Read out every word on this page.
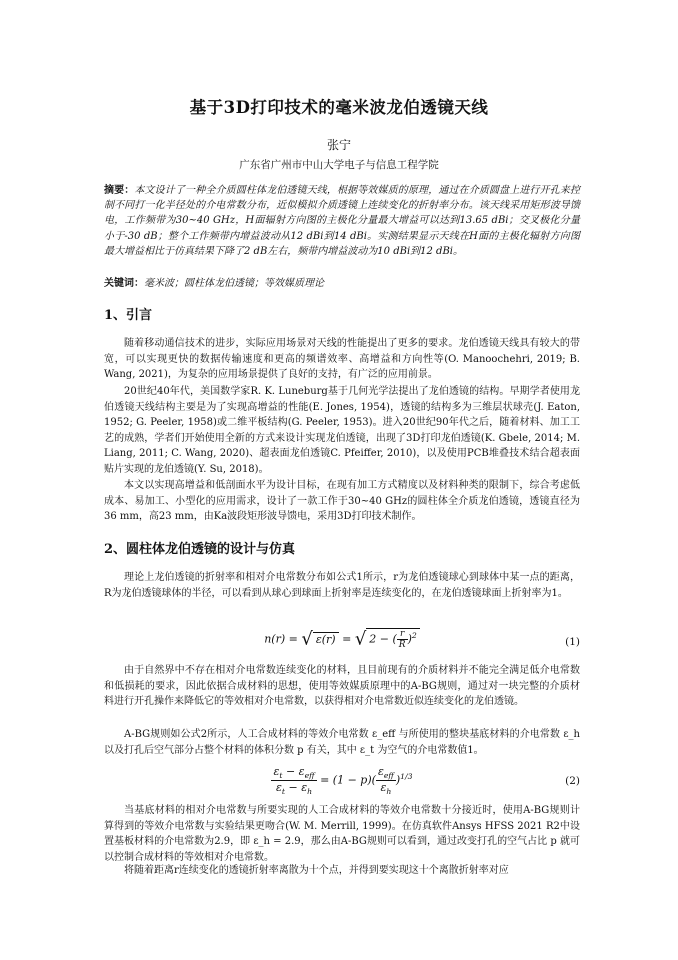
基于3D打印技术的毫米波龙伯透镜天线
张宁
广东省广州市中山大学电子与信息工程学院
摘要：本文设计了一种全介质圆柱体龙伯透镜天线，根据等效媒质的原理，通过在介质圆盘上进行开孔来控制不同打一化半径处的介电常数分布，近似模拟介质透镜上连续变化的折射率分布。该天线采用矩形波导馈电，工作频带为30~40 GHz，H面辐射方向图的主极化分量最大增益可以达到13.65 dBi；交叉极化分量小于-30 dB；整个工作频带内增益波动从12 dBi到14 dBi。实测结果显示天线在H面的主极化辐射方向图最大增益相比于仿真结果下降了2 dB左右，频带内增益波动为10 dBi到12 dBi。
关键词：毫米波；圆柱体龙伯透镜；等效媒质理论
1、引言
随着移动通信技术的进步，实际应用场景对天线的性能提出了更多的要求。龙伯透镜天线具有较大的带宽，可以实现更快的数据传输速度和更高的频谱效率、高增益和方向性等(O. Manoochehri, 2019; B. Wang, 2021)，为复杂的应用场景提供了良好的支持，有广泛的应用前景。
20世纪40年代，美国数学家R. K. Luneburg基于几何光学法提出了龙伯透镜的结构。早期学者使用龙伯透镜天线结构主要是为了实现高增益的性能(E. Jones, 1954)，透镜的结构多为三维层状球壳(J. Eaton, 1952; G. Peeler, 1958)或二维平板结构(G. Peeler, 1953)。进入20世纪90年代之后，随着材料、加工工艺的成熟，学者们开始使用全新的方式来设计实现龙伯透镜，出现了3D打印龙伯透镜(K. Gbele, 2014; M. Liang, 2011; C. Wang, 2020)、超表面龙伯透镜C. Pfeiffer, 2010)，以及使用PCB堆叠技术结合超表面贴片实现的龙伯透镜(Y. Su, 2018)。
本文以实现高增益和低剖面水平为设计目标，在现有加工方式精度以及材料种类的限制下，综合考虑低成本、易加工、小型化的应用需求，设计了一款工作于30~40 GHz的圆柱体全介质龙伯透镜，透镜直径为36 mm，高23 mm，由Ka波段矩形波导馈电，采用3D打印技术制作。
2、圆柱体龙伯透镜的设计与仿真
理论上龙伯透镜的折射率和相对介电常数分布如公式1所示，r为龙伯透镜球心到球体中某一点的距离，R为龙伯透镜球体的半径，可以看到从球心到球面上折射率是连续变化的，在龙伯透镜球面上折射率为1。
n(r) = √ ε(r) = √ 2 − ( $\frac{r}{R} )^2$
(1)
由于自然界中不存在相对介电常数连续变化的材料，且目前现有的介质材料并不能完全满足低介电常数和低损耗的要求，因此依据合成材料的思想，使用等效媒质原理中的A-BG规则，通过对一块完整的介质材料进行开孔操作来降低它的等效相对介电常数，以获得相对介电常数近似连续变化的龙伯透镜。
A-BG规则如公式2所示，人工合成材料的等效介电常数 ε_eff 与所使用的整块基底材料的介电常数 ε_h 以及打孔后空气部分占整个材料的体积分数 p 有关，其中 ε_t 为空气的介电常数值1。
$\frac{\varepsilon_t - \varepsilon_{eff}}{\varepsilon_t - \varepsilon_h} = (1 - p)( \frac{\varepsilon_{eff}}{\varepsilon_h} )^{1/3}$	(2)
当基底材料的相对介电常数与所要实现的人工合成材料的等效介电常数十分接近时，使用A-BG规则计算得到的等效介电常数与实验结果更吻合(W. M. Merrill, 1999)。在仿真软件Ansys HFSS 2021 R2中设置基板材料的介电常数为2.9，即 ε_h = 2.9，那么由A-BG规则可以看到，通过改变打孔的空气占比 p 就可以控制合成材料的等效相对介电常数。
将随着距离r连续变化的透镜折射率离散为十个点，并得到要实现这十个离散折射率对应
